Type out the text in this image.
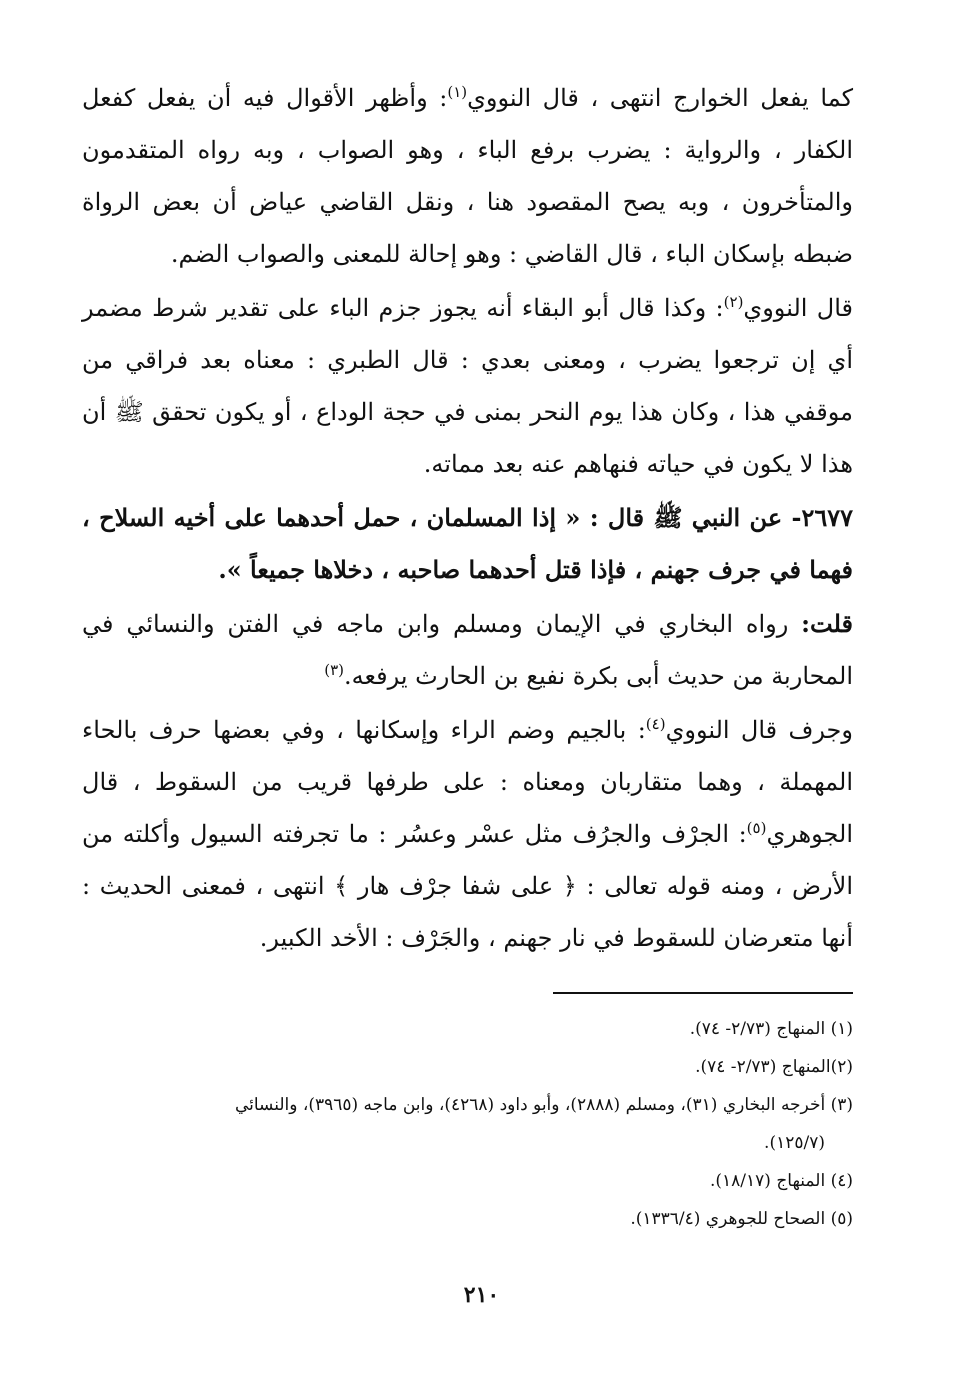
كما يفعل الخوارج انتهى ، قال النووي$^{(١)}$: وأظهر الأقوال فيه أن يفعل كفعل الكفار ، والرواية : يضرب برفع الباء ، وهو الصواب ، وبه رواه المتقدمون والمتأخرون ، وبه يصح المقصود هنا ، ونقل القاضي عياض أن بعض الرواة ضبطه بإسكان الباء ، قال القاضي : وهو إحالة للمعنى والصواب الضم.

قال النووي$^{(٢)}$: وكذا قال أبو البقاء أنه يجوز جزم الباء على تقدير شرط مضمر أي إن ترجعوا يضرب ، ومعنى بعدي : قال الطبري : معناه بعد فراقي من موقفي هذا ، وكان هذا يوم النحر بمنى في حجة الوداع ، أو يكون تحقق ﷺ أن هذا لا يكون في حياته فنهاهم عنه بعد مماته.

٢٦٧٧- عن النبي ﷺ قال : « إذا المسلمان ، حمل أحدهما على أخيه السلاح ، فهما في جرف جهنم ، فإذا قتل أحدهما صاحبه ، دخلاها جميعاً ».

قلت: رواه البخاري في الإيمان ومسلم وابن ماجه في الفتن والنسائي في المحاربة من حديث أبى بكرة نفيع بن الحارث يرفعه.$^{(٣)}$

وجرف قال النووي$^{(٤)}$: بالجيم وضم الراء وإسكانها ، وفي بعضها حرف بالحاء المهملة ، وهما متقاربان ومعناه : على طرفها قريب من السقوط ، قال الجوهري$^{(٥)}$: الجرْف والجرُف مثل عسْر وعسُر : ما تجرفته السيول وأكلته من الأرض ، ومنه قوله تعالى : ﴿ على شفا جرْف هار ﴾ انتهى ، فمعنى الحديث : أنها متعرضان للسقوط في نار جهنم ، والجَرْف : الأخد الكبير.

(١) المنهاج (٢/٧٣- ٧٤).

(٢)المنهاج (٢/٧٣- ٧٤).

(٣) أخرجه البخاري (٣١)، ومسلم (٢٨٨٨)، وأبو داود (٤٢٦٨)، وابن ماجه (٣٩٦٥)، والنسائي

(١٢٥/٧).

(٤) المنهاج (١٨/١٧).

(٥) الصحاح للجوهري (١٣٣٦/٤).

٢١٠
